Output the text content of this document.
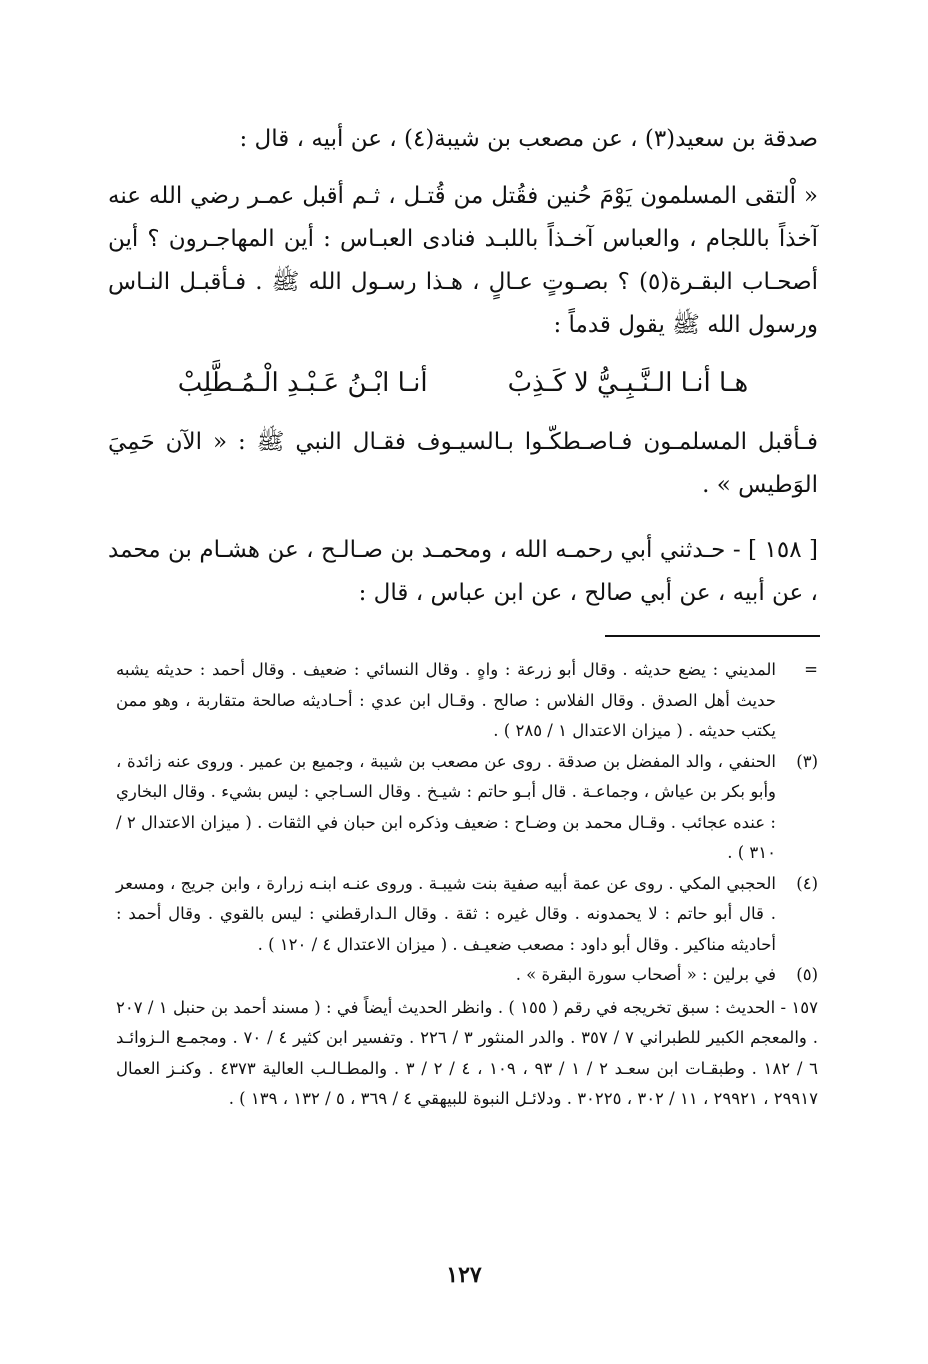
صدقة بن سعيد(٣) ، عن مصعب بن شيبة(٤) ، عن أبيه ، قال :

« اْلتقى المسلمون يَوْمَ حُنين فقُتل من قُتـل ، ثـم أقبل عمـر رضي الله عنه آخذاً باللجام ، والعباس آخـذاً باللبـد فنادى العبـاس : أين المهاجـرون ؟ أين أصحـاب البقـرة(٥) ؟ بصـوتٍ عـالٍ ، هـذا رسـول الله ﷺ . فـأقبـل النـاس ورسول الله ﷺ يقول قدماً :

هـا أنـا الـنَّـبِـيُّ لا كَـذِبْ
أنـا ابْـنُ عَـبْـدِ الْـمُـطَّلِبْ

فـأقبل المسلمـون فـاصـطكّـوا بـالسيـوف فقـال النبي ﷺ : « الآن حَمِيَ الوَطيس » .

[ ١٥٨ ] - حـدثني أبي رحمـه الله ، ومحمـد بن صـالـح ، عن هشـام بن محمد ، عن أبيه ، عن أبي صالح ، عن ابن عباس ، قال :

=
المديني : يضع حديثه . وقال أبو زرعة : واهٍ . وقال النسائي : ضعيف . وقال أحمد : حديثه يشبه حديث أهل الصدق . وقال الفلاس : صالح . وقـال ابن عدي : أحـاديثه صالحة متقاربة ، وهو ممن يكتب حديثه . ( ميزان الاعتدال ١ / ٢٨٥ ) .
(٣)
الحنفي ، والد المفضل بن صدقة . روى عن مصعب بن شيبة ، وجميع بن عمير . وروى عنه زائدة ، وأبو بكر بن عياش ، وجماعـة . قال أبـو حاتم : شيـخ . وقال السـاجي : ليس بشيء . وقال البخاري : عنده عجائب . وقـال محمد بن وضـاح : ضعيف وذكره ابن حبان في الثقات . ( ميزان الاعتدال ٢ / ٣١٠ ) .
(٤)
الحجبي المكي . روى عن عمة أبيه صفية بنت شيبـة . وروى عنـه ابنـه زرارة ، وابن جريج ، ومسعر . قال أبو حاتم : لا يحمدونه . وقال غيره : ثقة . وقال الـدارقطني : ليس بالقوي . وقال أحمد : أحاديثه مناكير . وقال أبو داود : مصعب ضعيـف . ( ميزان الاعتدال ٤ / ١٢٠ ) .
(٥)
في برلين : « أصحاب سورة البقرة » .
١٥٧ - الحديث : سبق تخريجه في رقم ( ١٥٥ ) . وانظر الحديث أيضاً في : ( مسند أحمد بن حنبل ١ / ٢٠٧ . والمعجم الكبير للطبراني ٧ / ٣٥٧ . والدر المنثور ٣ / ٢٢٦ . وتفسير ابن كثير ٤ / ٧٠ . ومجمـع الـزوائـد ٦ / ١٨٢ . وطبقـات ابن سعـد ٢ / ١ / ٩٣ ، ١٠٩ ، ٤ / ٢ / ٣ . والمطـالـب العالية ٤٣٧٣ . وكنـز العمال ٢٩٩١٧ ، ٢٩٩٢١ ، ١١ / ٣٠٢ ، ٣٠٢٢٥ . ودلائـل النبوة للبيهقي ٤ / ٣٦٩ ، ٥ / ١٣٢ ، ١٣٩ ) .
١٢٧
